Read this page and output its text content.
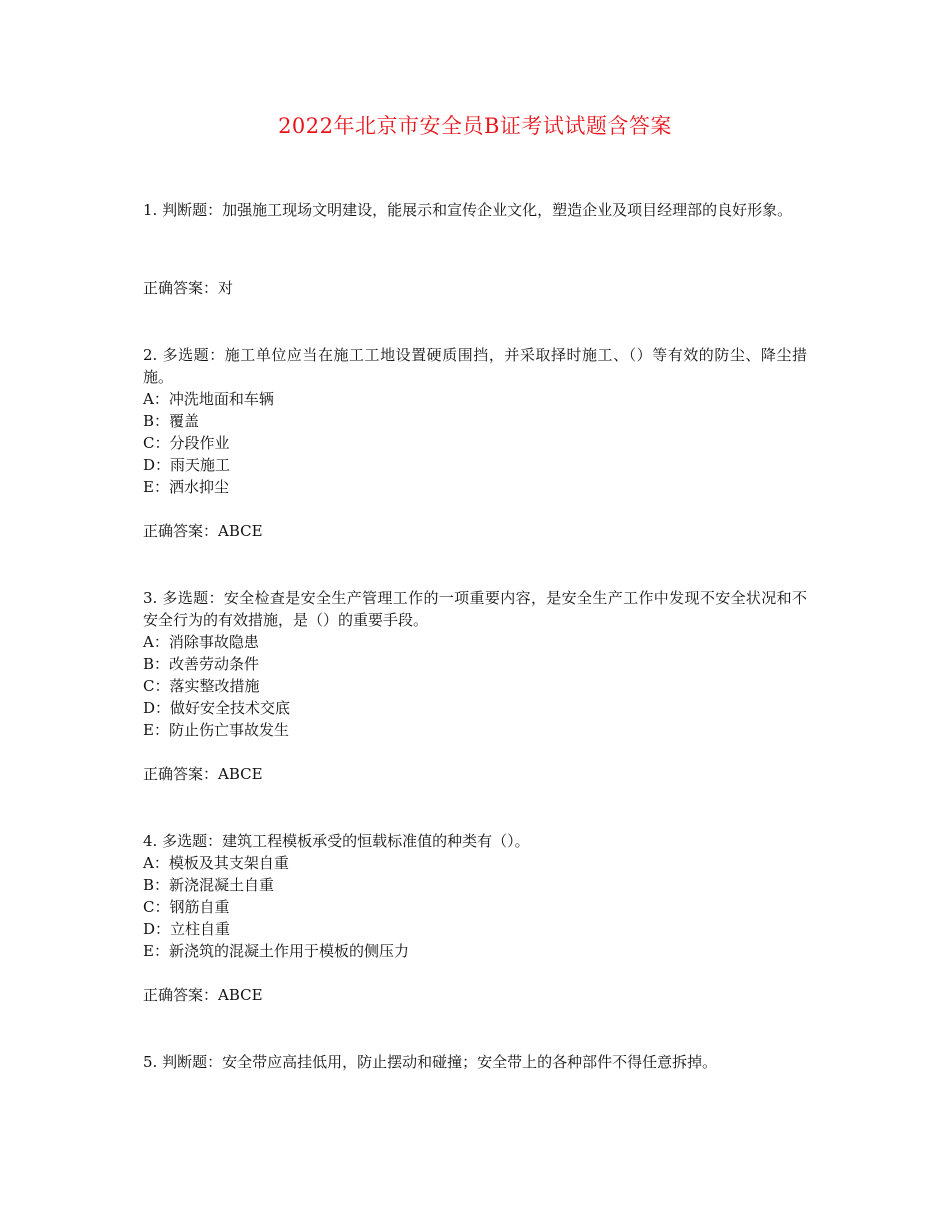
2022年北京市安全员B证考试试题含答案

1. 判断题：加强施工现场文明建设，能展示和宣传企业文化，塑造企业及项目经理部的良好形象。

正确答案：对

2. 多选题：施工单位应当在施工工地设置硬质围挡，并采取择时施工、（）等有效的防尘、降尘措施。

A：冲洗地面和车辆
B：覆盖
C：分段作业
D：雨天施工
E：洒水抑尘

正确答案：ABCE

3. 多选题：安全检查是安全生产管理工作的一项重要内容，是安全生产工作中发现不安全状况和不安全行为的有效措施，是（）的重要手段。

A：消除事故隐患
B：改善劳动条件
C：落实整改措施
D：做好安全技术交底
E：防止伤亡事故发生

正确答案：ABCE

4. 多选题：建筑工程模板承受的恒载标准值的种类有（）。

A：模板及其支架自重
B：新浇混凝土自重
C：钢筋自重
D：立柱自重
E：新浇筑的混凝土作用于模板的侧压力

正确答案：ABCE

5. 判断题：安全带应高挂低用，防止摆动和碰撞；安全带上的各种部件不得任意拆掉。
